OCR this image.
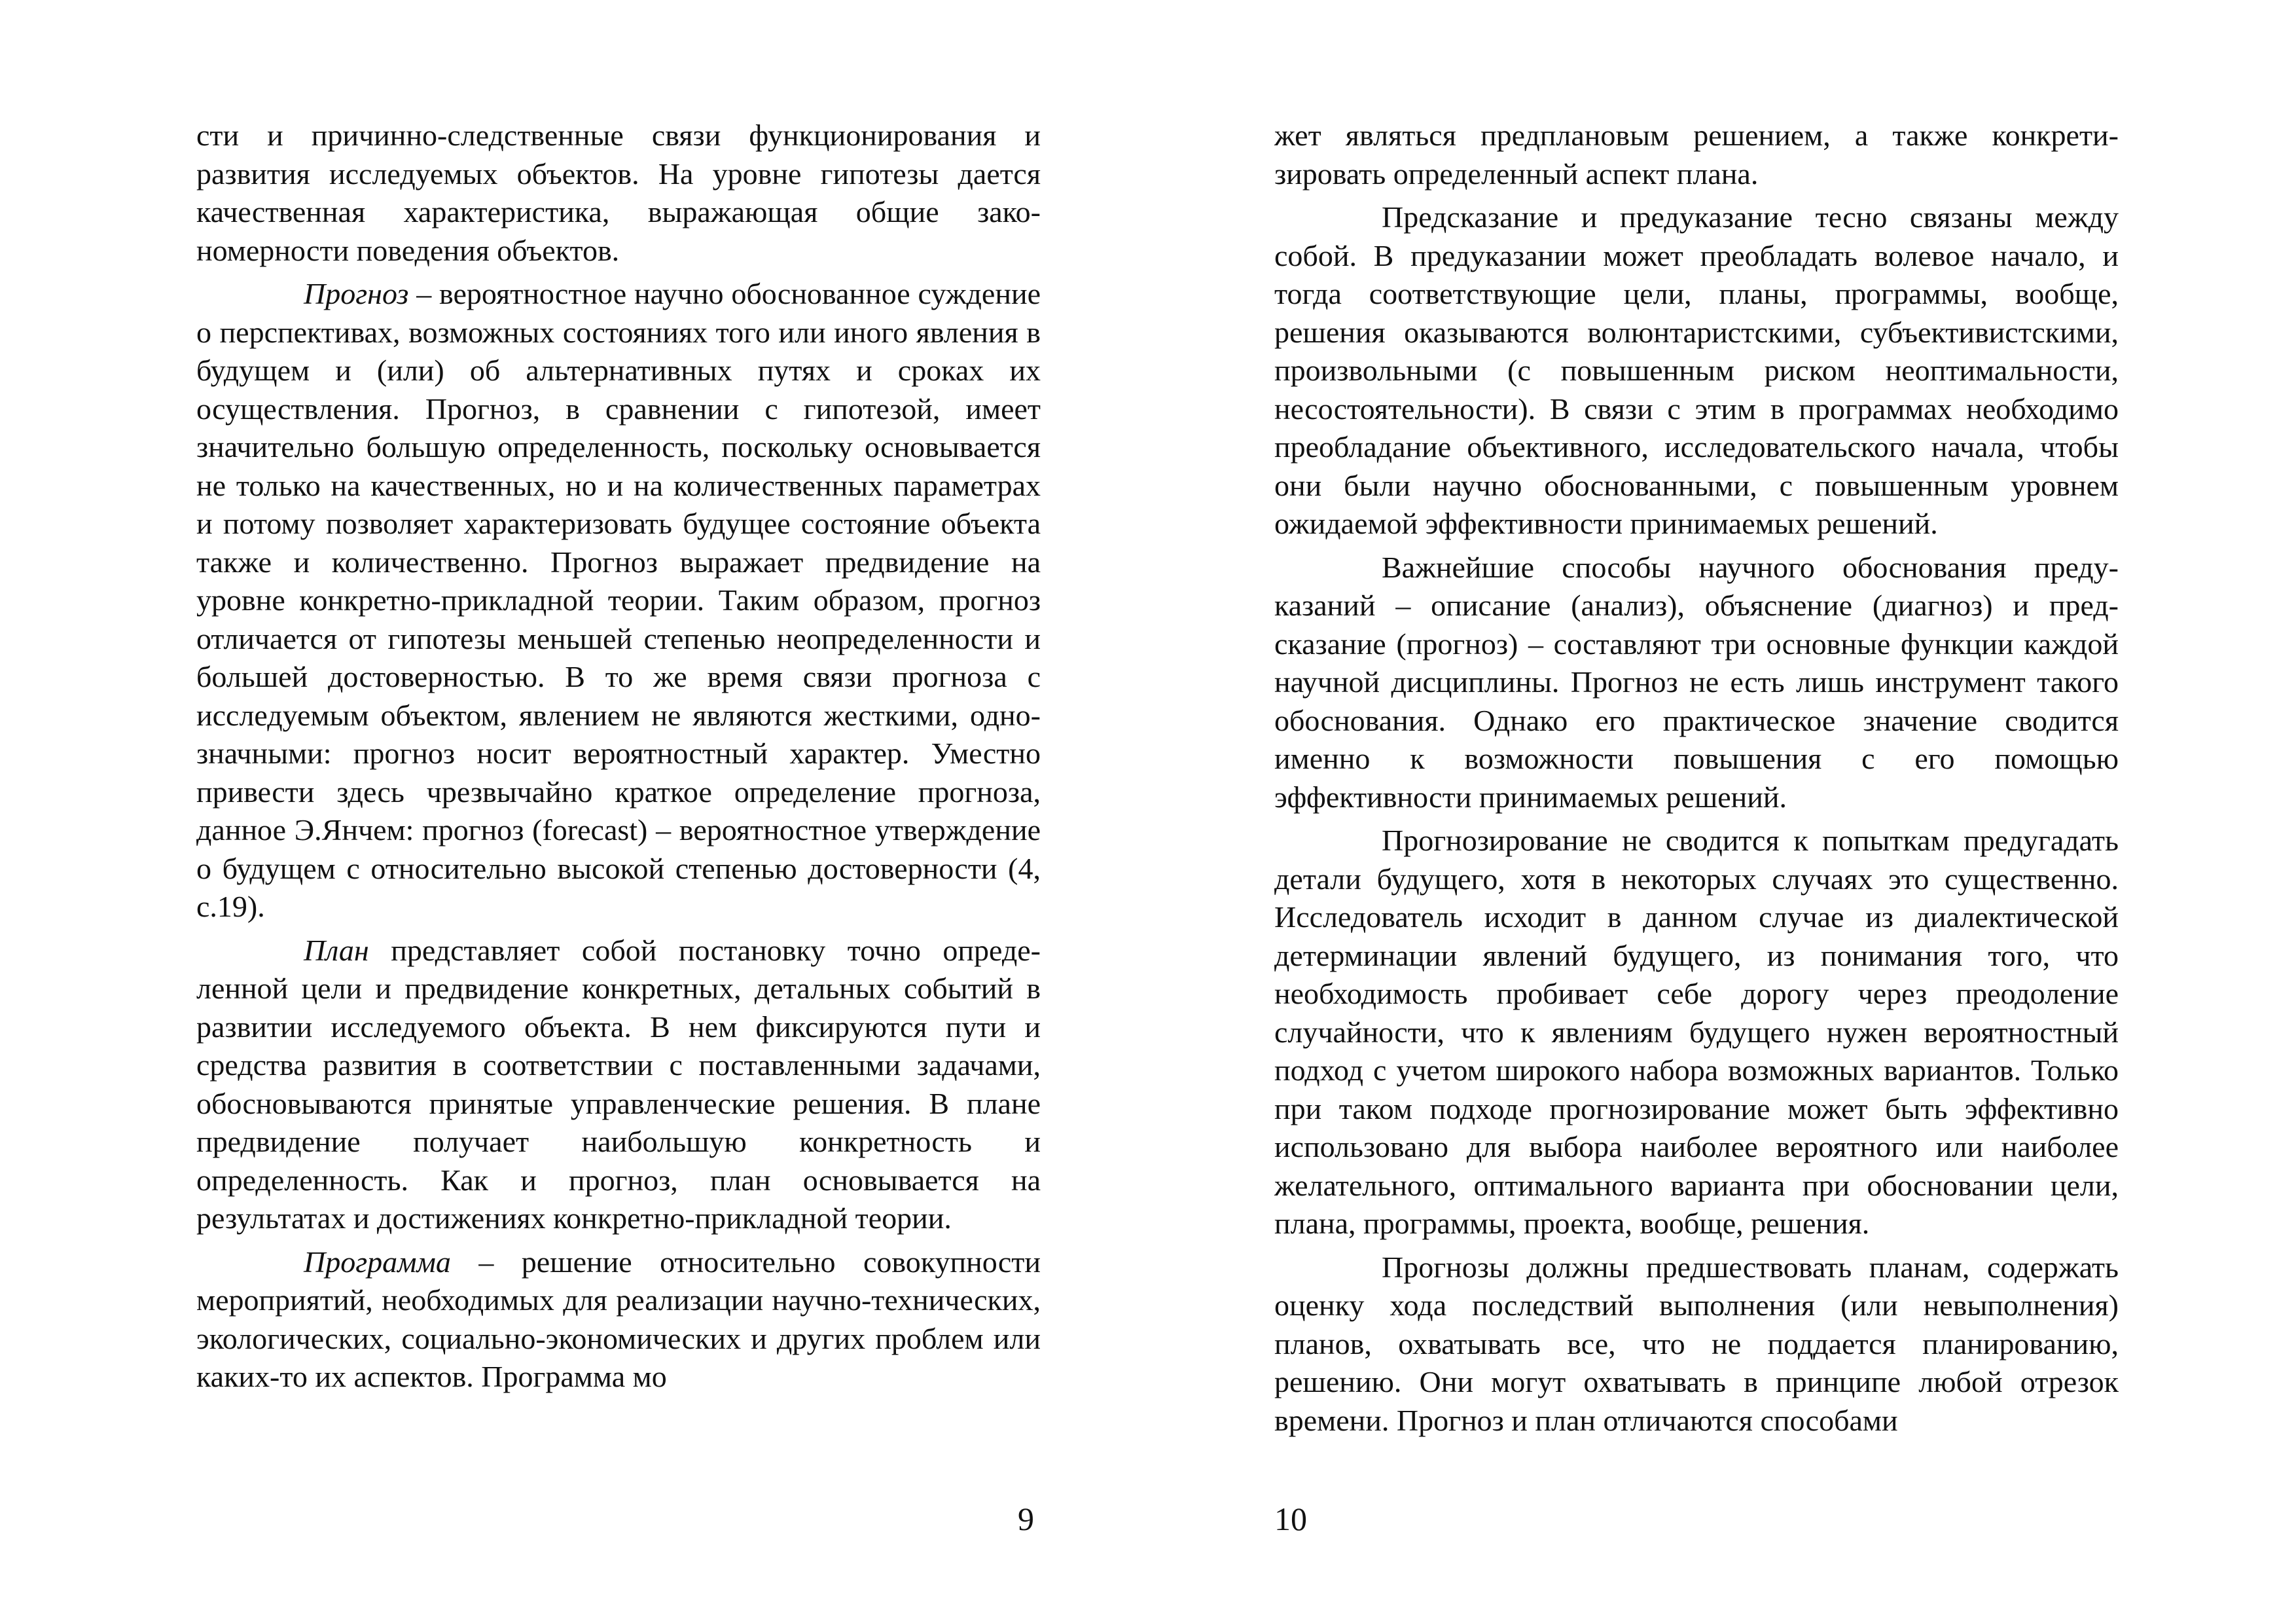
сти и причинно-следственные связи функционирования и развития исследуемых объектов. На уровне гипотезы дается качественная характеристика, выражающая общие закономерности поведения объектов.

Прогноз – вероятностное научно обоснованное суждение о перспективах, возможных состояниях того или иного явления в будущем и (или) об альтернативных путях и сроках их осуществления. Прогноз, в сравнении с гипотезой, имеет значительно большую определенность, поскольку основывается не только на качественных, но и на количественных параметрах и потому позволяет характеризовать будущее состояние объекта также и количественно. Прогноз выражает предвидение на уровне конкретно-прикладной теории. Таким образом, прогноз отличается от гипотезы меньшей степенью неопределенности и большей достоверностью. В то же время связи прогноза с исследуемым объектом, явлением не являются жесткими, однозначными: прогноз носит вероятностный характер. Уместно привести здесь чрезвычайно краткое определение прогноза, данное Э.Янчем: прогноз (forecast) – вероятностное утверждение о будущем с относительно высокой степенью достоверности (4, с.19).

План представляет собой постановку точно определенной цели и предвидение конкретных, детальных событий в развитии исследуемого объекта. В нем фиксируются пути и средства развития в соответствии с поставленными задачами, обосновываются принятые управленческие решения. В плане предвидение получает наибольшую конкретность и определенность. Как и прогноз, план основывается на результатах и достижениях конкретно-прикладной теории.

Программа – решение относительно совокупности мероприятий, необходимых для реализации научно-технических, экологических, социально-экономических и других проблем или каких-то их аспектов. Программа мо

9

жет являться предплановым решением, а также конкретизировать определенный аспект плана.

Предсказание и предуказание тесно связаны между собой. В предуказании может преобладать волевое начало, и тогда соответствующие цели, планы, программы, вообще, решения оказываются волюнтаристскими, субъективистскими, произвольными (с повышенным риском неоптимальности, несостоятельности). В связи с этим в программах необходимо преобладание объективного, исследовательского начала, чтобы они были научно обоснованными, с повышенным уровнем ожидаемой эффективности принимаемых решений.

Важнейшие способы научного обоснования предуказаний – описание (анализ), объяснение (диагноз) и предсказание (прогноз) – составляют три основные функции каждой научной дисциплины. Прогноз не есть лишь инструмент такого обоснования. Однако его практическое значение сводится именно к возможности повышения с его помощью эффективности принимаемых решений.

Прогнозирование не сводится к попыткам предугадать детали будущего, хотя в некоторых случаях это существенно. Исследователь исходит в данном случае из диалектической детерминации явлений будущего, из понимания того, что необходимость пробивает себе дорогу через преодоление случайности, что к явлениям будущего нужен вероятностный подход с учетом широкого набора возможных вариантов. Только при таком подходе прогнозирование может быть эффективно использовано для выбора наиболее вероятного или наиболее желательного, оптимального варианта при обосновании цели, плана, программы, проекта, вообще, решения.

Прогнозы должны предшествовать планам, содержать оценку хода последствий выполнения (или невыполнения) планов, охватывать все, что не поддается планированию, решению. Они могут охватывать в принципе любой отрезок времени. Прогноз и план отличаются способами

10
